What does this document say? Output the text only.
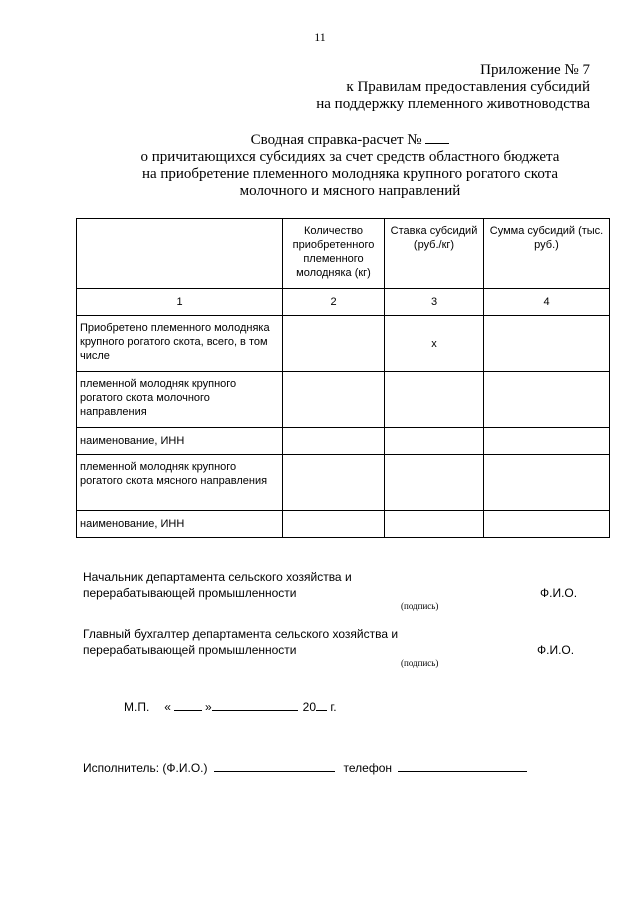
11
Приложение № 7
к Правилам предоставления субсидий
на поддержку племенного животноводства
Сводная справка-расчет №
о причитающихся субсидиях за счет средств областного бюджета
на приобретение племенного молодняка крупного рогатого скота
молочного и мясного направлений
	Количество приобретенного племенного молодняка (кг)	Ставка субсидий (руб./кг)	Сумма субсидий (тыс. руб.)
1	2	3	4
Приобретено племенного молодняка крупного рогатого скота, всего, в том числе		х	
племенной молодняк крупного рогатого скота молочного направления			
наименование, ИНН			
племенной молодняк крупного рогатого скота мясного направления			
наименование, ИНН			
Начальник департамента сельского хозяйства и
перерабатывающей промышленности	Ф.И.О.
(подпись)
Главный бухгалтер департамента сельского хозяйства и
перерабатывающей промышленности	Ф.И.О.
(подпись)
М.П. «	»	20 г.
Исполнитель: (Ф.И.О.)	телефон
